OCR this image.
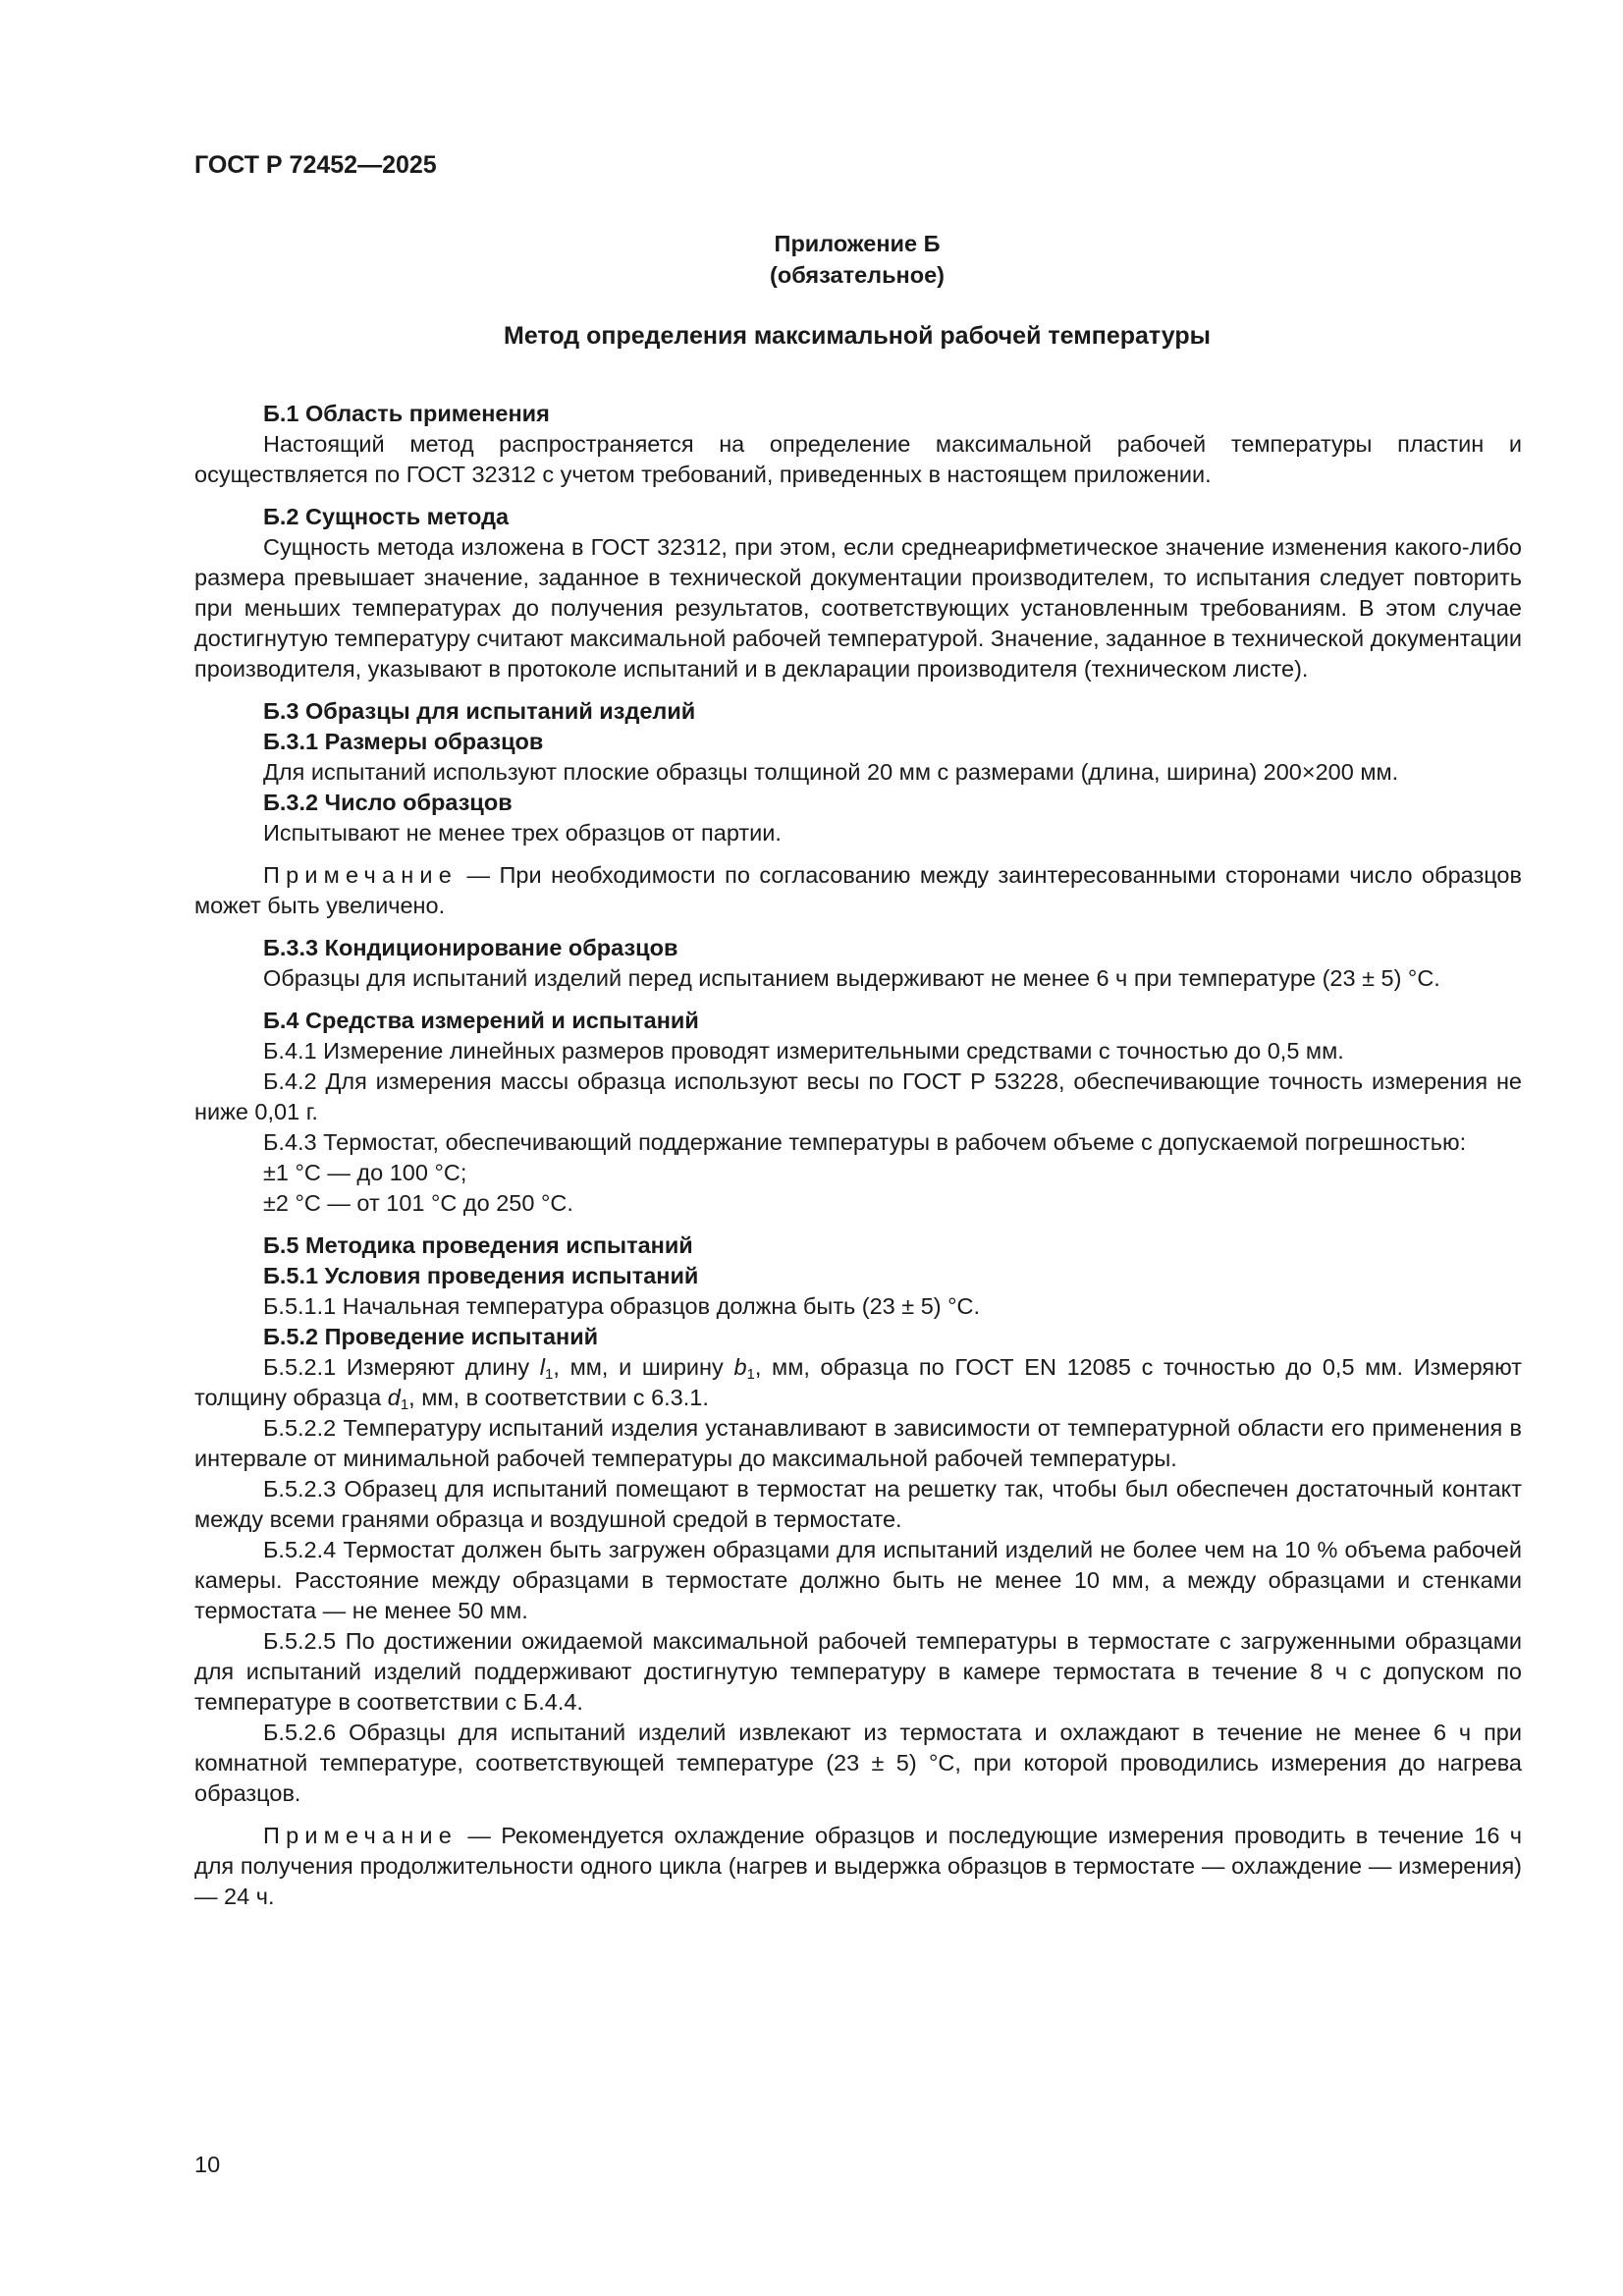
ГОСТ Р 72452—2025
Приложение Б
(обязательное)
Метод определения максимальной рабочей температуры
Б.1 Область применения

Настоящий метод распространяется на определение максимальной рабочей температуры пластин и осуществляется по ГОСТ 32312 с учетом требований, приведенных в настоящем приложении.

Б.2 Сущность метода

Сущность метода изложена в ГОСТ 32312, при этом, если среднеарифметическое значение изменения какого-либо размера превышает значение, заданное в технической документации производителем, то испытания следует повторить при меньших температурах до получения результатов, соответствующих установленным требованиям. В этом случае достигнутую температуру считают максимальной рабочей температурой. Значение, заданное в технической документации производителя, указывают в протоколе испытаний и в декларации производителя (техническом листе).

Б.3 Образцы для испытаний изделий
Б.3.1 Размеры образцов

Для испытаний используют плоские образцы толщиной 20 мм с размерами (длина, ширина) 200×200 мм.

Б.3.2 Число образцов

Испытывают не менее трех образцов от партии.

Примечание — При необходимости по согласованию между заинтересованными сторонами число образцов может быть увеличено.

Б.3.3 Кондиционирование образцов

Образцы для испытаний изделий перед испытанием выдерживают не менее 6 ч при температуре (23 ± 5) °С.

Б.4 Средства измерений и испытаний

Б.4.1 Измерение линейных размеров проводят измерительными средствами с точностью до 0,5 мм.

Б.4.2 Для измерения массы образца используют весы по ГОСТ Р 53228, обеспечивающие точность измерения не ниже 0,01 г.

Б.4.3 Термостат, обеспечивающий поддержание температуры в рабочем объеме с допускаемой погрешностью:

±1 °С — до 100 °С;

±2 °С — от 101 °С до 250 °С.

Б.5 Методика проведения испытаний
Б.5.1 Условия проведения испытаний

Б.5.1.1 Начальная температура образцов должна быть (23 ± 5) °С.

Б.5.2 Проведение испытаний

Б.5.2.1 Измеряют длину $l_1$, мм, и ширину $b_1$, мм, образца по ГОСТ EN 12085 с точностью до 0,5 мм. Измеряют толщину образца $d_1$, мм, в соответствии с 6.3.1.

Б.5.2.2 Температуру испытаний изделия устанавливают в зависимости от температурной области его применения в интервале от минимальной рабочей температуры до максимальной рабочей температуры.

Б.5.2.3 Образец для испытаний помещают в термостат на решетку так, чтобы был обеспечен достаточный контакт между всеми гранями образца и воздушной средой в термостате.

Б.5.2.4 Термостат должен быть загружен образцами для испытаний изделий не более чем на 10 % объема рабочей камеры. Расстояние между образцами в термостате должно быть не менее 10 мм, а между образцами и стенками термостата — не менее 50 мм.

Б.5.2.5 По достижении ожидаемой максимальной рабочей температуры в термостате с загруженными образцами для испытаний изделий поддерживают достигнутую температуру в камере термостата в течение 8 ч с допуском по температуре в соответствии с Б.4.4.

Б.5.2.6 Образцы для испытаний изделий извлекают из термостата и охлаждают в течение не менее 6 ч при комнатной температуре, соответствующей температуре (23 ± 5) °С, при которой проводились измерения до нагрева образцов.

Примечание — Рекомендуется охлаждение образцов и последующие измерения проводить в течение 16 ч для получения продолжительности одного цикла (нагрев и выдержка образцов в термостате — охлаждение — измерения) — 24 ч.

10
